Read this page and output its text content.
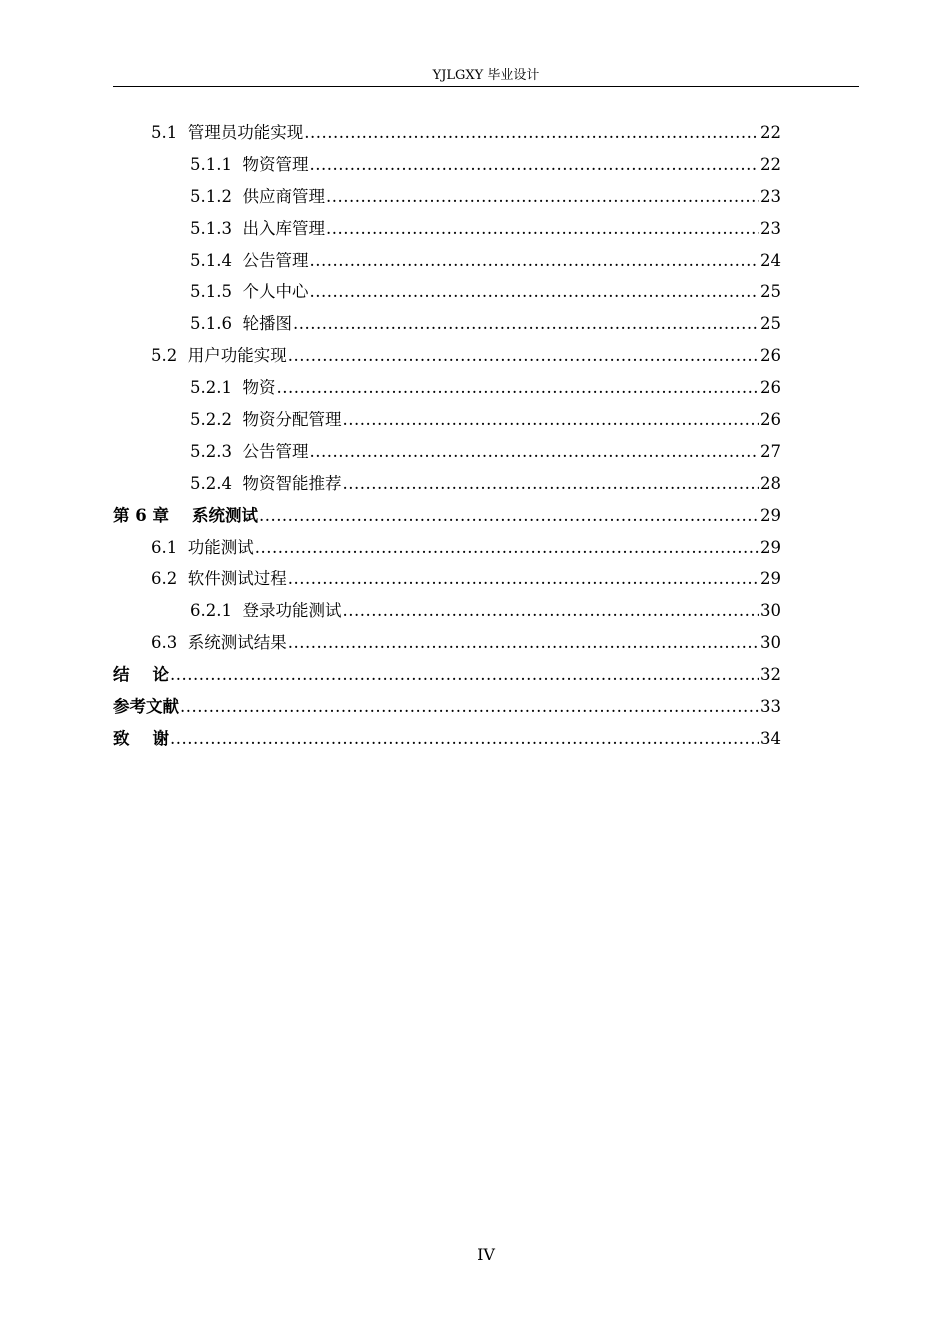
YJLGXY 毕业设计
5.1  管理员功能实现 .....	22
5.1.1  物资管理 .....	22
5.1.2  供应商管理 .....	23
5.1.3  出入库管理 .....	23
5.1.4  公告管理 .....	24
5.1.5  个人中心 .....	25
5.1.6  轮播图 .....	25
5.2  用户功能实现 .....	26
5.2.1  物资 .....	26
5.2.2  物资分配管理 .....	26
5.2.3  公告管理 .....	27
5.2.4  物资智能推荐 .....	28
第 6 章    系统测试 .....	29
6.1  功能测试 .....	29
6.2  软件测试过程 .....	29
6.2.1  登录功能测试 .....	30
6.3  系统测试结果 .....	30
结    论 .....	32
参考文献 .....	33
致    谢 .....	34
IV
